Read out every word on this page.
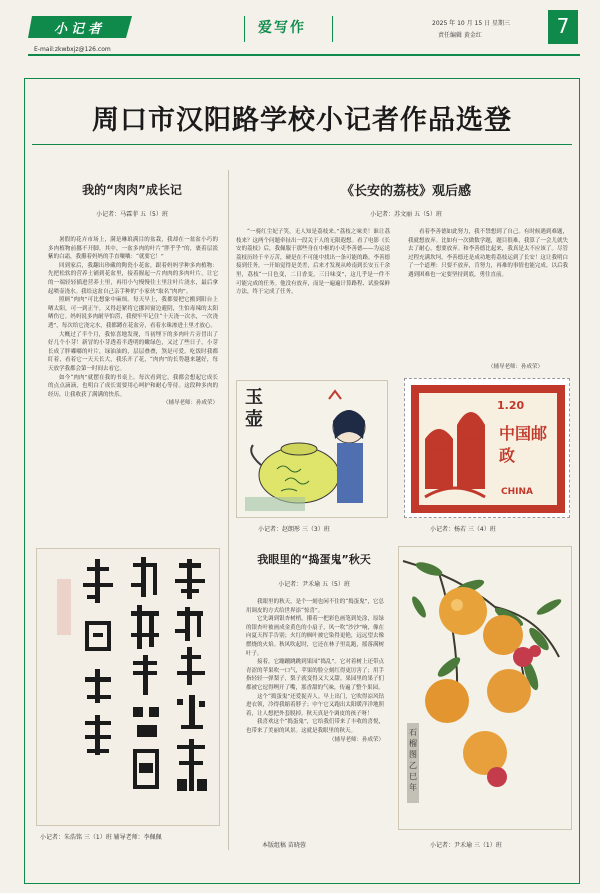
小记者
E-mail:zkwbxjz@126.com
爱写作	2025 年 10 月 15 日 星期三
责任编辑 黄金红	7
周口市汉阳路学校小记者作品选登
我的“肉肉”成长记
小记者：马霖菲 五（5）班

暑假的花卉市场上，满是琳琅满目的盆栽，我却在一盆盆小巧的多肉植物前挪不开脚。其中，一盆多肉的叶片“胖乎乎”的，裹着层淡紫的白霜，我攥着妈妈的手直嚷嚷：“就要它！”

回到家后，我翻出珍藏的陶瓷小花盆，跟着妈妈学种多肉植物：先把松软的营养土铺到花盆里，接着握起一片肉肉的多肉叶片，让它的一端轻轻插进营养土里，再用小勺慢慢往土里注叶片浇水，最后拿起喷壶浇水。我给这盆自己亲手种的“小家伙”取名“肉肉”。

照顾“肉肉”可比想象中麻烦。每天早上，我都要把它搬到阳台上晒太阳，可一到正午，又得赶紧将它挪回窗边避阴，生怕毒辣的太阳晒伤它。妈妈说多肉耐旱怕涝，我便牢牢记住“十天浇一次水，一次浇透”，每次给它浇完水，我都蹲在花盆旁，看着水珠渗进土里才放心。

大概过了半个月，我惊喜地发现，当初埋下的多肉叶片旁冒出了好几个小芽！新冒的小芽透着半透明的嫩绿色，又过了些日子，小芽长成了胖嘟嘟的叶片，绿油油的，层层叠叠，煞是可爱。吃饭时我都盯着，看着它一天天长大，我乐开了花，“肉肉”的长势越来越好，每天放学我都会第一时间去看它。

如今“肉肉”就摆在我的书桌上。每次看到它，我都会想起它成长的点点滴滴，也明白了成长需要用心呵护和耐心等待。这段种多肉的经历，让我收获了满满的快乐。

（辅导老师：孙成荣）

小记者：朱浩铭 三（1）班 辅导老师：李佩佩
《长安的荔枝》观后感
小记者：苏文丽 五（5）班

“一骑红尘妃子笑，无人知是荔枝来。”荔枝之味美！谁让荔枝来？这两个问题牵扯出一段关于人的无限遐想。看了电影《长安的荔枝》后，我佩服于那些身在中枢的小吏李善德——为运送荔枝历经千辛万苦，硬是在不可能中找出一条可能的路。李善德接到任务，一开始觉得是美差，后来才发现从岭南到长安五千余里，荔枝“一日色变，二日香变，三日味变”，这几乎是一件不可能完成的任务。他没有放弃，而是一遍遍计算路程、试验保鲜方法，终于完成了任务。

看着李善德如此努力，我不禁想到了自己。有时候遇到难题，我就想放弃。比如有一次做数学题，题目很难，我算了一会儿就失去了耐心，想要放弃。和李善德比起来，我真是太不应该了。尽管过程充满坎坷，李善德还是成功地将荔枝运到了长安！这让我明白了一个道理：只要不放弃，肯努力，再难的事情也能完成。以后我遇到困难也一定要坚持到底，勇往直前。

（辅导老师：孙成荣）
玉壶
小记者：赵朗彤 三（3）班
1.20
中国邮政
CHINA
小记者：杨若 三（4）班
我眼里的“捣蛋鬼”秋天
小记者：尹禾瑜 五（5）班

我眼里的秋天，是个一刻也闲不住的“捣蛋鬼”，它总用调皮的方式给世界添“惊喜”。

它先调到银杏树梢，攥着一把彩色画笔到处涂，原绿的银杏叶被画成金黄色的小扇子，风一吹“沙沙”响，像在向夏天挥手告别；火红的枫叶被它染得更艳，远远望去像燃烧的火焰。秋风吹起时，它还在林子里乱跑，摇落满树叶子。

接着，它蹦蹦跳跳到果园“捣乱”。它对着树上还带点青涩的苹果吹一口气，苹果的脸立刻红得更厉害了；用手指轻轻一弹梨子，梨子就变得又大又甜。果园里的果子们都被它逗得咧开了嘴，那香甜的气味，传遍了整个果园。

这个“捣蛋鬼”还爱捉弄人。早上出门，它吹得凉风钻进衣领，冷得我缩着脖子；中午它又跑出太阳暖洋洋地照着，让人想把外套脱掉。秋天真是个调皮的孩子呀！

我喜欢这个“捣蛋鬼”，它给我们带来了丰收的喜悦，也带来了美丽的风景。这就是我眼里的秋天。

（辅导老师：孙成荣）

石榴图乙巳年
小记者：尹禾瑜 三（1）班
本版组稿 苗晓蓉
